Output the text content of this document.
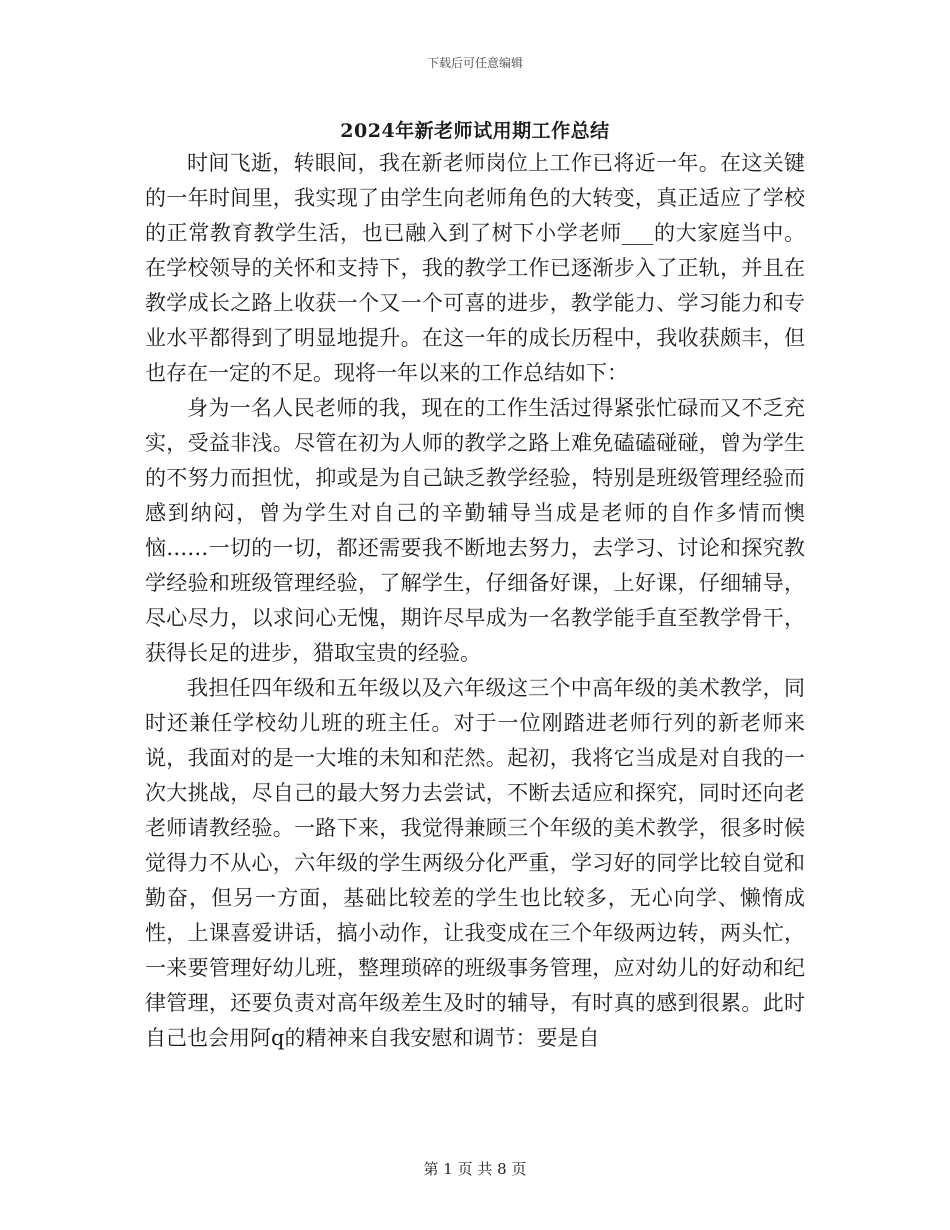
下载后可任意编辑
2024年新老师试用期工作总结

时间飞逝，转眼间，我在新老师岗位上工作已将近一年。在这关键的一年时间里，我实现了由学生向老师角色的大转变，真正适应了学校的正常教育教学生活，也已融入到了树下小学老师___的大家庭当中。在学校领导的关怀和支持下，我的教学工作已逐渐步入了正轨，并且在教学成长之路上收获一个又一个可喜的进步，教学能力、学习能力和专业水平都得到了明显地提升。在这一年的成长历程中，我收获颇丰，但也存在一定的不足。现将一年以来的工作总结如下：

身为一名人民老师的我，现在的工作生活过得紧张忙碌而又不乏充实，受益非浅。尽管在初为人师的教学之路上难免磕磕碰碰，曾为学生的不努力而担忧，抑或是为自己缺乏教学经验，特别是班级管理经验而感到纳闷，曾为学生对自己的辛勤辅导当成是老师的自作多情而懊恼……一切的一切，都还需要我不断地去努力，去学习、讨论和探究教学经验和班级管理经验，了解学生，仔细备好课，上好课，仔细辅导，尽心尽力，以求问心无愧，期许尽早成为一名教学能手直至教学骨干，获得长足的进步，猎取宝贵的经验。

我担任四年级和五年级以及六年级这三个中高年级的美术教学，同时还兼任学校幼儿班的班主任。对于一位刚踏进老师行列的新老师来说，我面对的是一大堆的未知和茫然。起初，我将它当成是对自我的一次大挑战，尽自己的最大努力去尝试，不断去适应和探究，同时还向老老师请教经验。一路下来，我觉得兼顾三个年级的美术教学，很多时候觉得力不从心，六年级的学生两级分化严重，学习好的同学比较自觉和勤奋，但另一方面，基础比较差的学生也比较多，无心向学、懒惰成性，上课喜爱讲话，搞小动作，让我变成在三个年级两边转，两头忙，一来要管理好幼儿班，整理琐碎的班级事务管理，应对幼儿的好动和纪律管理，还要负责对高年级差生及时的辅导，有时真的感到很累。此时自己也会用阿q的精神来自我安慰和调节：要是自

第 1 页 共 8 页
